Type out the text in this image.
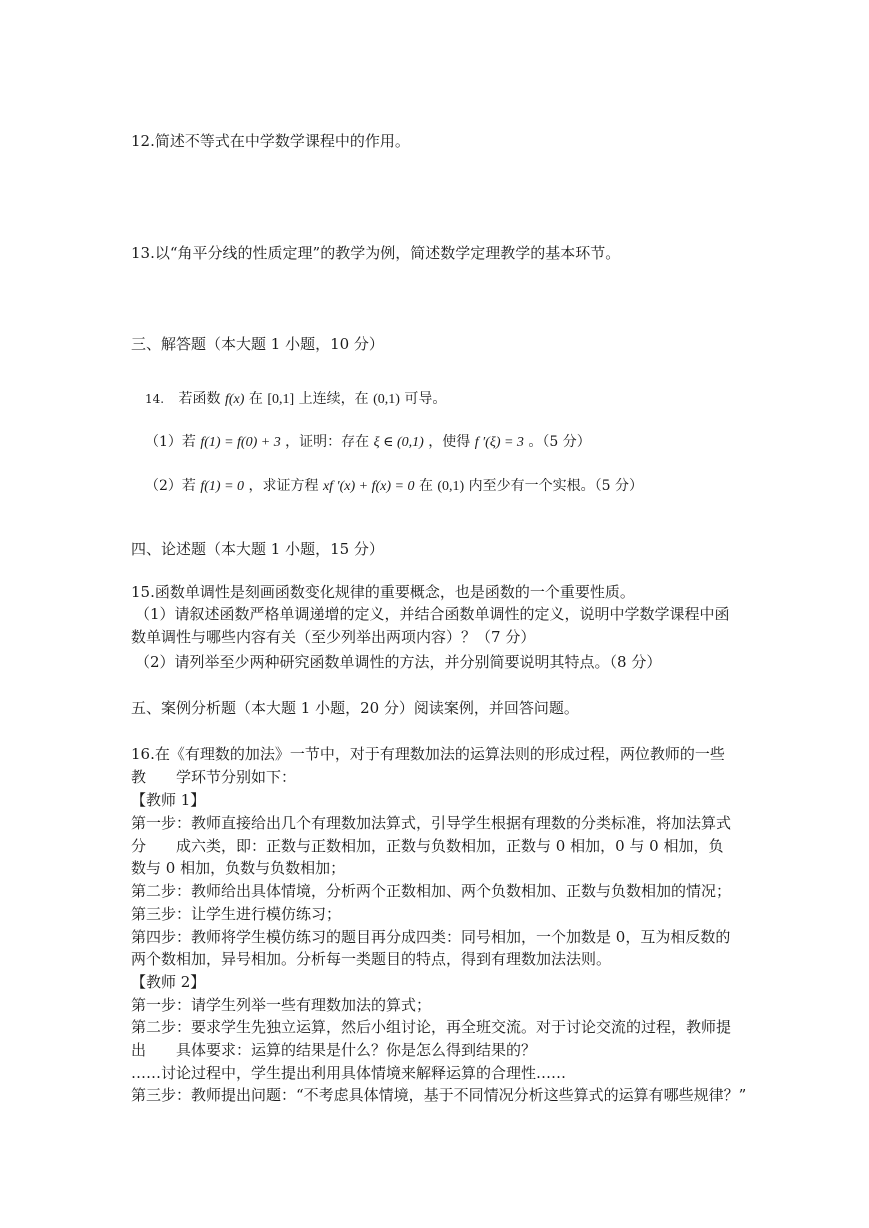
12.简述不等式在中学数学课程中的作用。
13.以“角平分线的性质定理”的教学为例，简述数学定理教学的基本环节。
三、解答题（本大题 1 小题，10 分）
14. 若函数 f(x) 在 [0,1] 上连续，在 (0,1) 可导。
（1）若 f(1) = f(0) + 3 ，证明：存在 ξ ∈ (0,1) ，使得 f ′(ξ) = 3 。（5 分）
（2）若 f(1) = 0 ，求证方程 xf ′(x) + f(x) = 0 在 (0,1) 内至少有一个实根。（5 分）
四、论述题（本大题 1 小题，15 分）
15.函数单调性是刻画函数变化规律的重要概念，也是函数的一个重要性质。
（1）请叙述函数严格单调递增的定义，并结合函数单调性的定义，说明中学数学课程中函
数单调性与哪些内容有关（至少列举出两项内容）？（7 分）
（2）请列举至少两种研究函数单调性的方法，并分别简要说明其特点。（8 分）
五、案例分析题（本大题 1 小题，20 分）阅读案例，并回答问题。
16.在《有理数的加法》一节中，对于有理数加法的运算法则的形成过程，两位教师的一些
教　　学环节分别如下：
【教师 1】
第一步：教师直接给出几个有理数加法算式，引导学生根据有理数的分类标准，将加法算式
分　　成六类，即：正数与正数相加，正数与负数相加，正数与 0 相加，0 与 0 相加，负
数与 0 相加，负数与负数相加；
第二步：教师给出具体情境，分析两个正数相加、两个负数相加、正数与负数相加的情况；
第三步：让学生进行模仿练习；
第四步：教师将学生模仿练习的题目再分成四类：同号相加，一个加数是 0，互为相反数的
两个数相加，异号相加。分析每一类题目的特点，得到有理数加法法则。
【教师 2】
第一步：请学生列举一些有理数加法的算式；
第二步：要求学生先独立运算，然后小组讨论，再全班交流。对于讨论交流的过程，教师提
出　　具体要求：运算的结果是什么？你是怎么得到结果的？
……讨论过程中，学生提出利用具体情境来解释运算的合理性……
第三步：教师提出问题：“不考虑具体情境，基于不同情况分析这些算式的运算有哪些规律？”
